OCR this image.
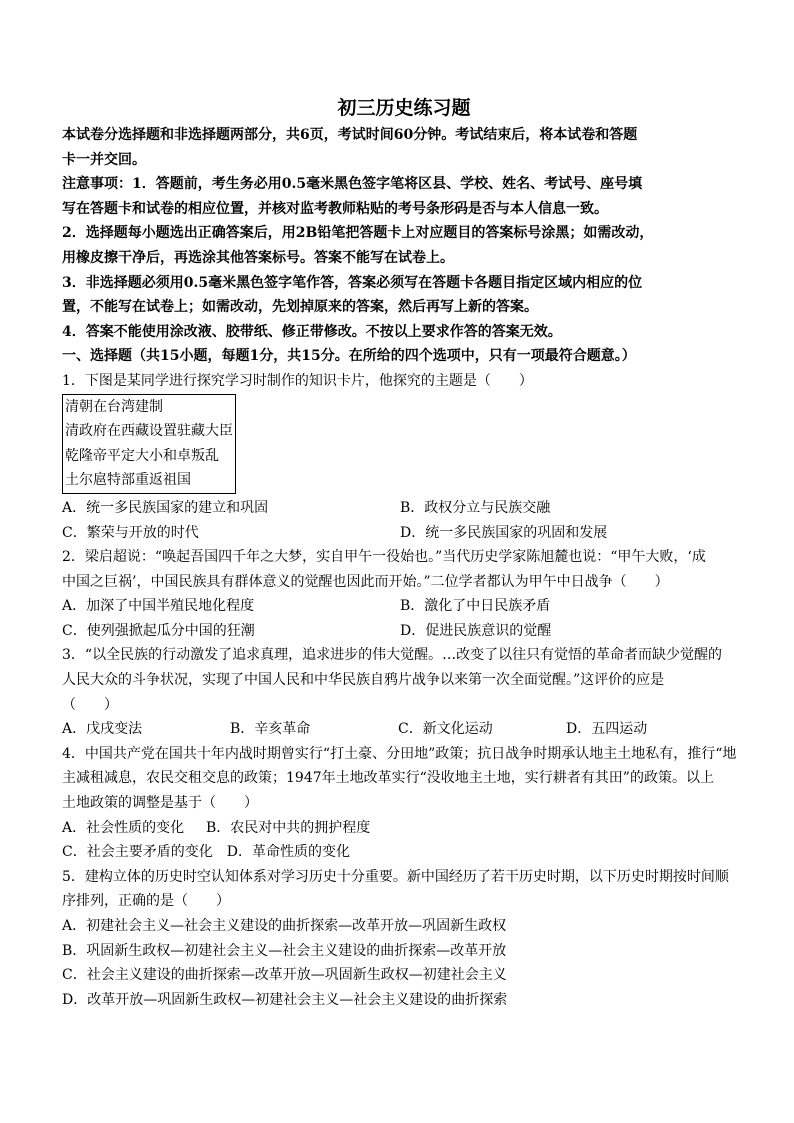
初三历史练习题
本试卷分选择题和非选择题两部分，共6页，考试时间60分钟。考试结束后，将本试卷和答题
卡一并交回。
注意事项：1．答题前，考生务必用0.5毫米黑色签字笔将区县、学校、姓名、考试号、座号填
写在答题卡和试卷的相应位置，并核对监考教师粘贴的考号条形码是否与本人信息一致。
2．选择题每小题选出正确答案后，用2B铅笔把答题卡上对应题目的答案标号涂黑；如需改动，
用橡皮擦干净后，再选涂其他答案标号。答案不能写在试卷上。
3．非选择题必须用0.5毫米黑色签字笔作答，答案必须写在答题卡各题目指定区域内相应的位
置，不能写在试卷上；如需改动，先划掉原来的答案，然后再写上新的答案。
4．答案不能使用涂改液、胶带纸、修正带修改。不按以上要求作答的答案无效。
一、选择题（共15小题，每题1分，共15分。在所给的四个选项中，只有一项最符合题意。）
1．下图是某同学进行探究学习时制作的知识卡片，他探究的主题是（　　）
清朝在台湾建制
清政府在西藏设置驻藏大臣
乾隆帝平定大小和卓叛乱
土尔扈特部重返祖国
A．统一多民族国家的建立和巩固	B．政权分立与民族交融
C．繁荣与开放的时代	D．统一多民族国家的巩固和发展
2．梁启超说：“唤起吾国四千年之大梦，实自甲午一役始也。”当代历史学家陈旭麓也说：“甲午大败，‘成
中国之巨祸’，中国民族具有群体意义的觉醒也因此而开始。”二位学者都认为甲午中日战争（　　）
A．加深了中国半殖民地化程度	B．激化了中日民族矛盾
C．使列强掀起瓜分中国的狂潮	D．促进民族意识的觉醒
3．“以全民族的行动激发了追求真理，追求进步的伟大觉醒。…改变了以往只有觉悟的革命者而缺少觉醒的
人民大众的斗争状况，实现了中国人民和中华民族自鸦片战争以来第一次全面觉醒。”这评价的应是
（　　）
A．戊戌变法	B．辛亥革命	C．新文化运动	D．五四运动
4．中国共产党在国共十年内战时期曾实行“打土豪、分田地”政策；抗日战争时期承认地主土地私有，推行“地
主减租减息，农民交租交息的政策；1947年土地改革实行“没收地主土地，实行耕者有其田”的政策。以上
土地政策的调整是基于（　　）
A．社会性质的变化	B．农民对中共的拥护程度
C．社会主要矛盾的变化 D．革命性质的变化
5．建构立体的历史时空认知体系对学习历史十分重要。新中国经历了若干历史时期，以下历史时期按时间顺
序排列，正确的是（　　）
A．初建社会主义—社会主义建设的曲折探索—改革开放—巩固新生政权
B．巩固新生政权—初建社会主义—社会主义建设的曲折探索—改革开放
C．社会主义建设的曲折探索—改革开放—巩固新生政权—初建社会主义
D．改革开放—巩固新生政权—初建社会主义—社会主义建设的曲折探索
